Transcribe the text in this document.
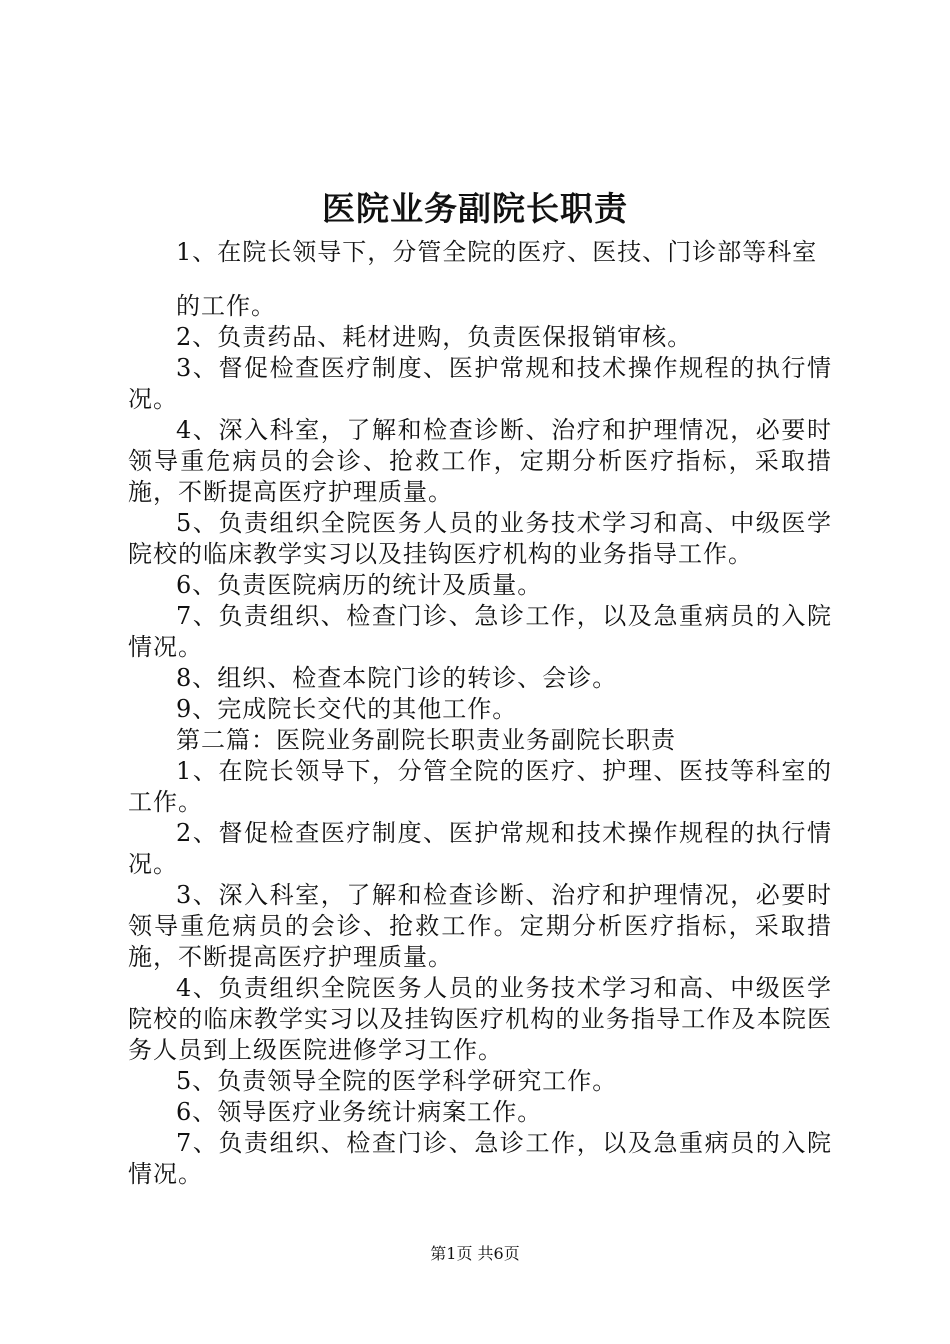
医院业务副院长职责

1、在院长领导下，分管全院的医疗、医技、门诊部等科室

的工作。

2、负责药品、耗材进购，负责医保报销审核。

3、督促检查医疗制度、医护常规和技术操作规程的执行情况。

4、深入科室，了解和检查诊断、治疗和护理情况，必要时领导重危病员的会诊、抢救工作，定期分析医疗指标，采取措施，不断提高医疗护理质量。

5、负责组织全院医务人员的业务技术学习和高、中级医学院校的临床教学实习以及挂钩医疗机构的业务指导工作。

6、负责医院病历的统计及质量。

7、负责组织、检查门诊、急诊工作，以及急重病员的入院情况。

8、组织、检查本院门诊的转诊、会诊。

9、完成院长交代的其他工作。

第二篇：医院业务副院长职责业务副院长职责

1、在院长领导下，分管全院的医疗、护理、医技等科室的工作。

2、督促检查医疗制度、医护常规和技术操作规程的执行情况。

3、深入科室，了解和检查诊断、治疗和护理情况，必要时领导重危病员的会诊、抢救工作。定期分析医疗指标，采取措施，不断提高医疗护理质量。

4、负责组织全院医务人员的业务技术学习和高、中级医学院校的临床教学实习以及挂钩医疗机构的业务指导工作及本院医务人员到上级医院进修学习工作。

5、负责领导全院的医学科学研究工作。

6、领导医疗业务统计病案工作。

7、负责组织、检查门诊、急诊工作，以及急重病员的入院情况。

第1页 共6页
